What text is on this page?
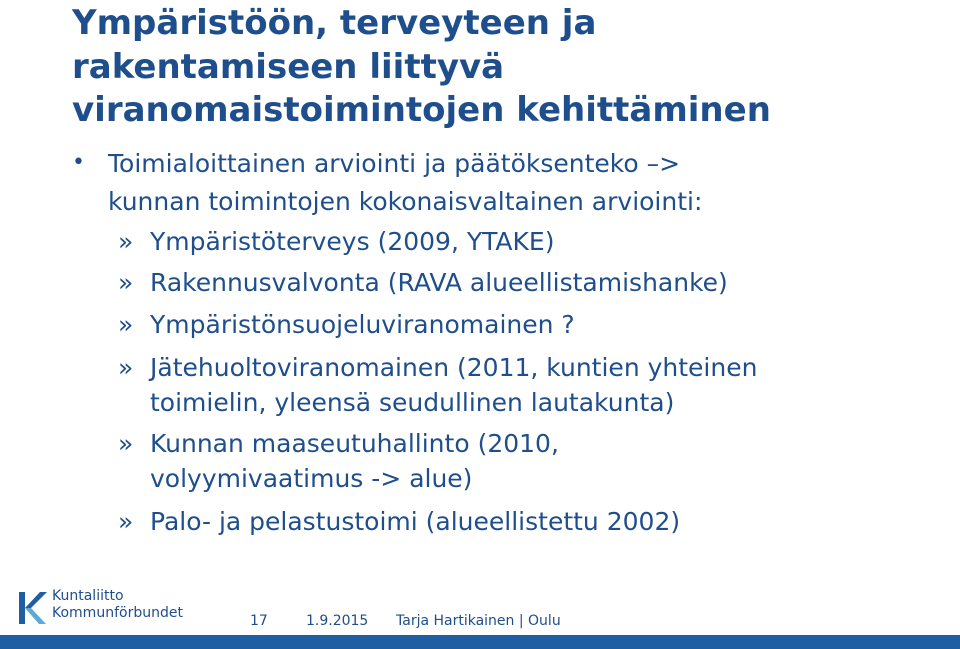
Ympäristöön, terveyteen ja
rakentamiseen liittyvä
viranomaistoimintojen kehittäminen
• Toimialoittainen arviointi ja päätöksenteko –>
kunnan toimintojen kokonaisvaltainen arviointi:
» Ympäristöterveys (2009, YTAKE)
» Rakennusvalvonta (RAVA alueellistamishanke)
» Ympäristönsuojeluviranomainen ?
» Jätehuoltoviranomainen (2011, kuntien yhteinen
toimielin, yleensä seudullinen lautakunta)
» Kunnan maaseutuhallinto (2010,
volyymivaatimus -> alue)
» Palo- ja pelastustoimi (alueellistettu 2002)
Kuntaliitto
Kommunförbundet	17	1.9.2015 Tarja Hartikainen | Oulu
